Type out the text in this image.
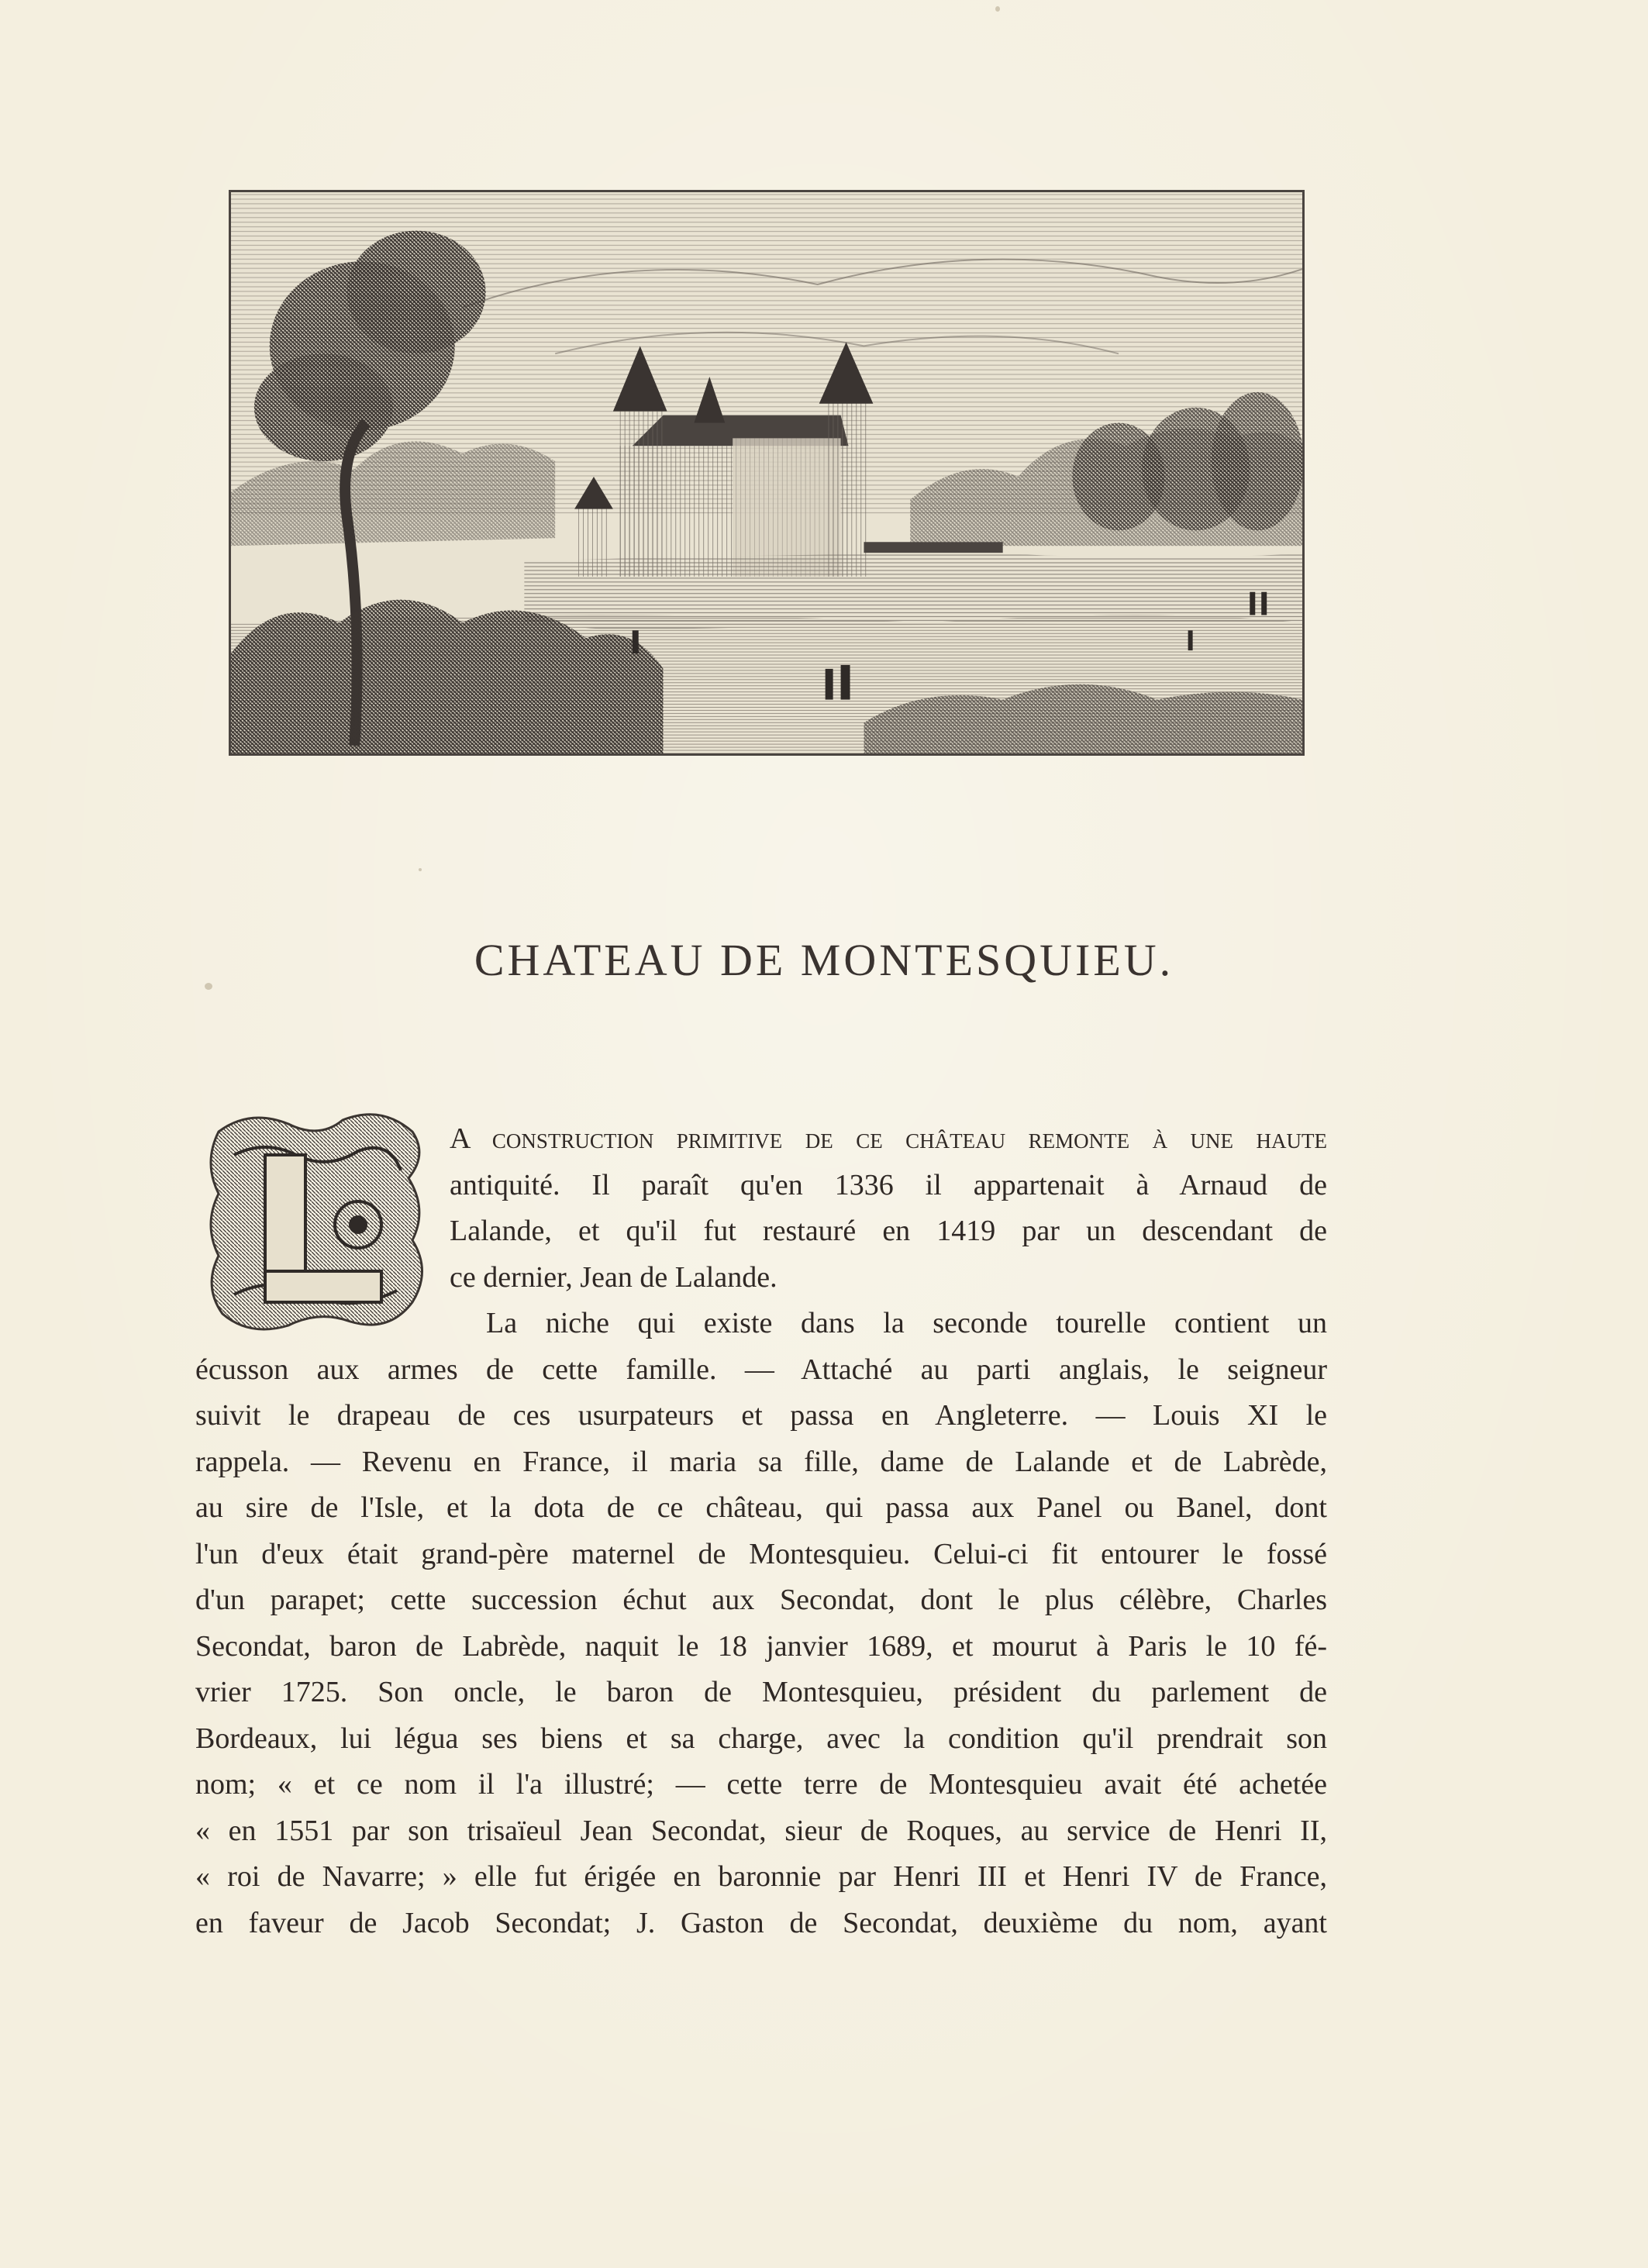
CHATEAU DE MONTESQUIEU.
A construction primitive de ce château remonte à une haute
antiquité. Il paraît qu'en 1336 il appartenait à Arnaud de
Lalande, et qu'il fut restauré en 1419 par un descendant de
ce dernier, Jean de Lalande.
La niche qui existe dans la seconde tourelle contient un
écusson aux armes de cette famille. — Attaché au parti anglais, le seigneur
suivit le drapeau de ces usurpateurs et passa en Angleterre. — Louis XI le
rappela. — Revenu en France, il maria sa fille, dame de Lalande et de Labrède,
au sire de l'Isle, et la dota de ce château, qui passa aux Panel ou Banel, dont
l'un d'eux était grand-père maternel de Montesquieu. Celui-ci fit entourer le fossé
d'un parapet; cette succession échut aux Secondat, dont le plus célèbre, Charles
Secondat, baron de Labrède, naquit le 18 janvier 1689, et mourut à Paris le 10 fé-
vrier 1725. Son oncle, le baron de Montesquieu, président du parlement de
Bordeaux, lui légua ses biens et sa charge, avec la condition qu'il prendrait son
nom; « et ce nom il l'a illustré; — cette terre de Montesquieu avait été achetée
« en 1551 par son trisaïeul Jean Secondat, sieur de Roques, au service de Henri II,
« roi de Navarre; » elle fut érigée en baronnie par Henri III et Henri IV de France,
en faveur de Jacob Secondat; J. Gaston de Secondat, deuxième du nom, ayant
